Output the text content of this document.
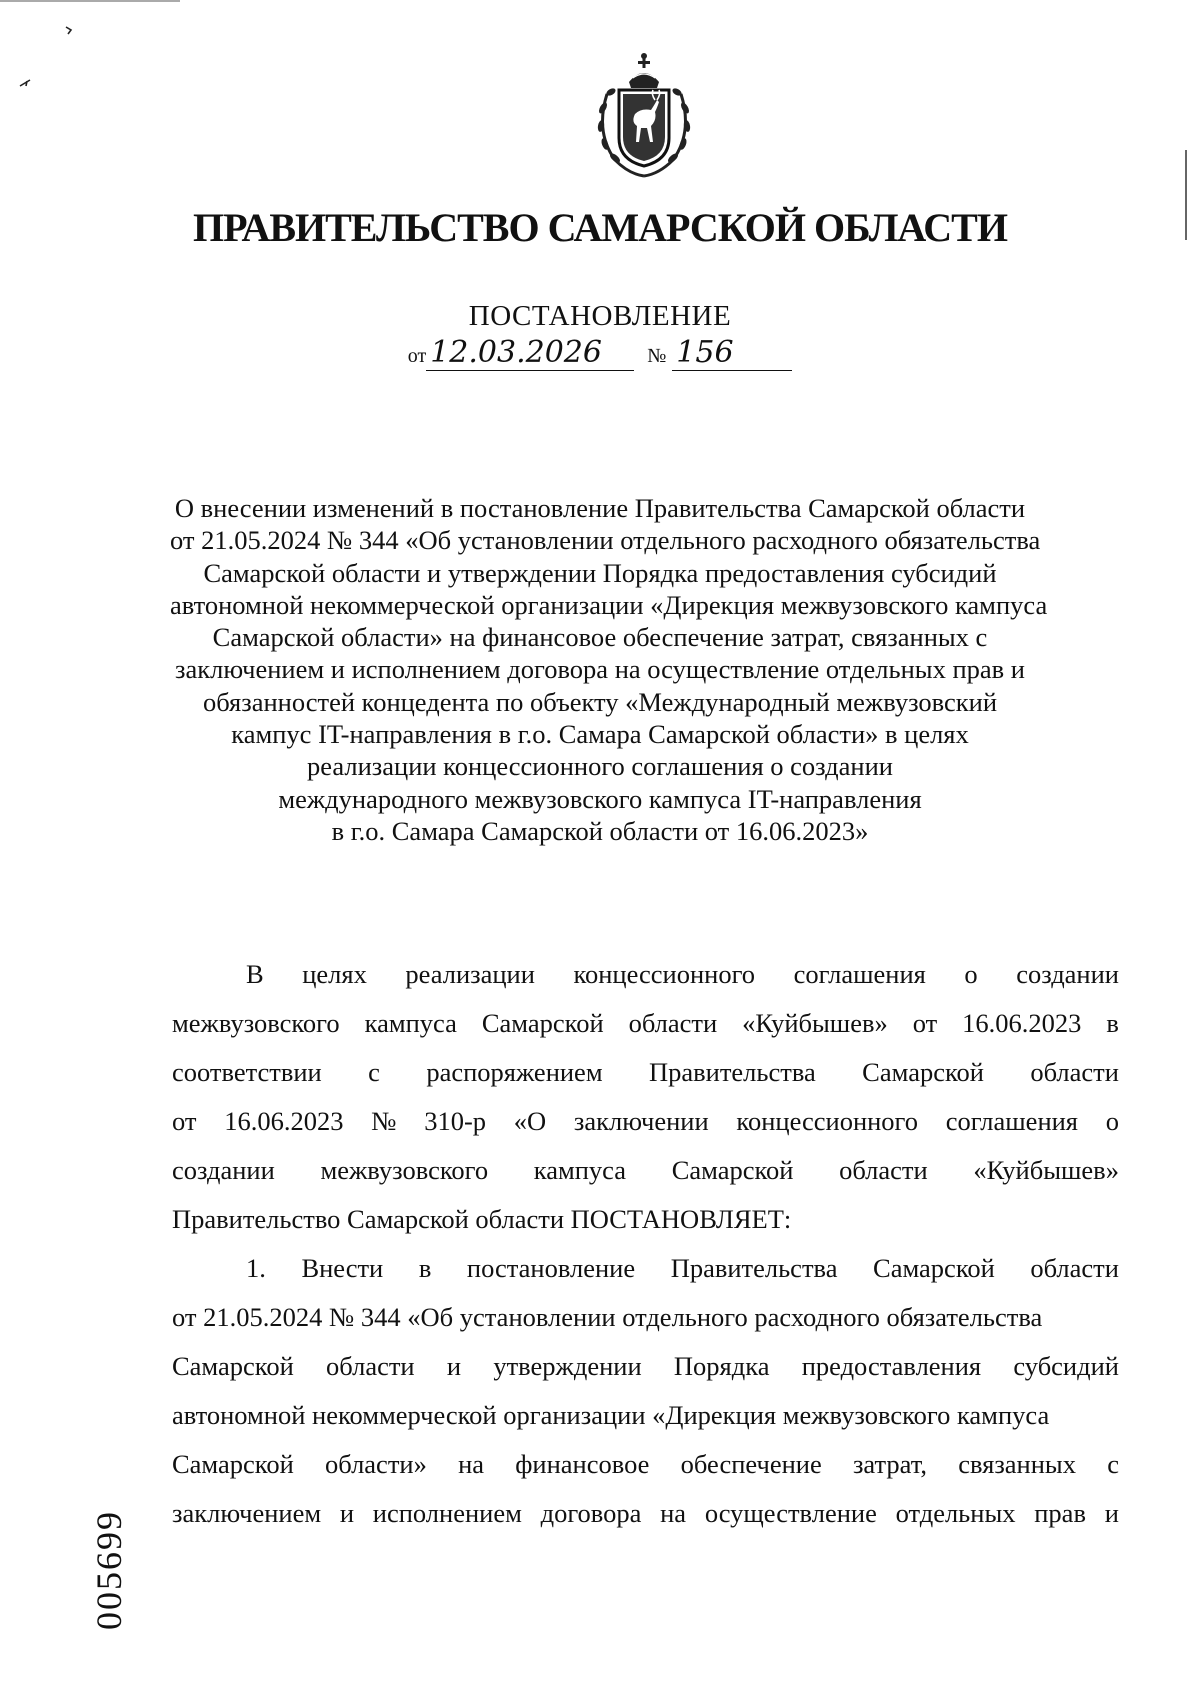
ПРАВИТЕЛЬСТВО САМАРСКОЙ ОБЛАСТИ
ПОСТАНОВЛЕНИЕ
от 12.03.2026 № 156
О внесении изменений в постановление Правительства Самарской области
от 21.05.2024 № 344 «Об установлении отдельного расходного обязательства
Самарской области и утверждении Порядка предоставления субсидий
автономной некоммерческой организации «Дирекция межвузовского кампуса
Самарской области» на финансовое обеспечение затрат, связанных с
заключением и исполнением договора на осуществление отдельных прав и
обязанностей концедента по объекту «Международный межвузовский
кампус IT-направления в г.о. Самара Самарской области» в целях
реализации концессионного соглашения о создании
международного межвузовского кампуса IT-направления
в г.о. Самара Самарской области от 16.06.2023»
В целях реализации концессионного соглашения о создании
межвузовского кампуса Самарской области «Куйбышев» от 16.06.2023 в
соответствии с распоряжением Правительства Самарской области
от 16.06.2023 № 310-р «О заключении концессионного соглашения о
создании межвузовского кампуса Самарской области «Куйбышев»
Правительство Самарской области ПОСТАНОВЛЯЕТ:
1. Внести в постановление Правительства Самарской области
от 21.05.2024 № 344 «Об установлении отдельного расходного обязательства
Самарской области и утверждении Порядка предоставления субсидий
автономной некоммерческой организации «Дирекция межвузовского кампуса
Самарской области» на финансовое обеспечение затрат, связанных с
заключением и исполнением договора на осуществление отдельных прав и
005699
